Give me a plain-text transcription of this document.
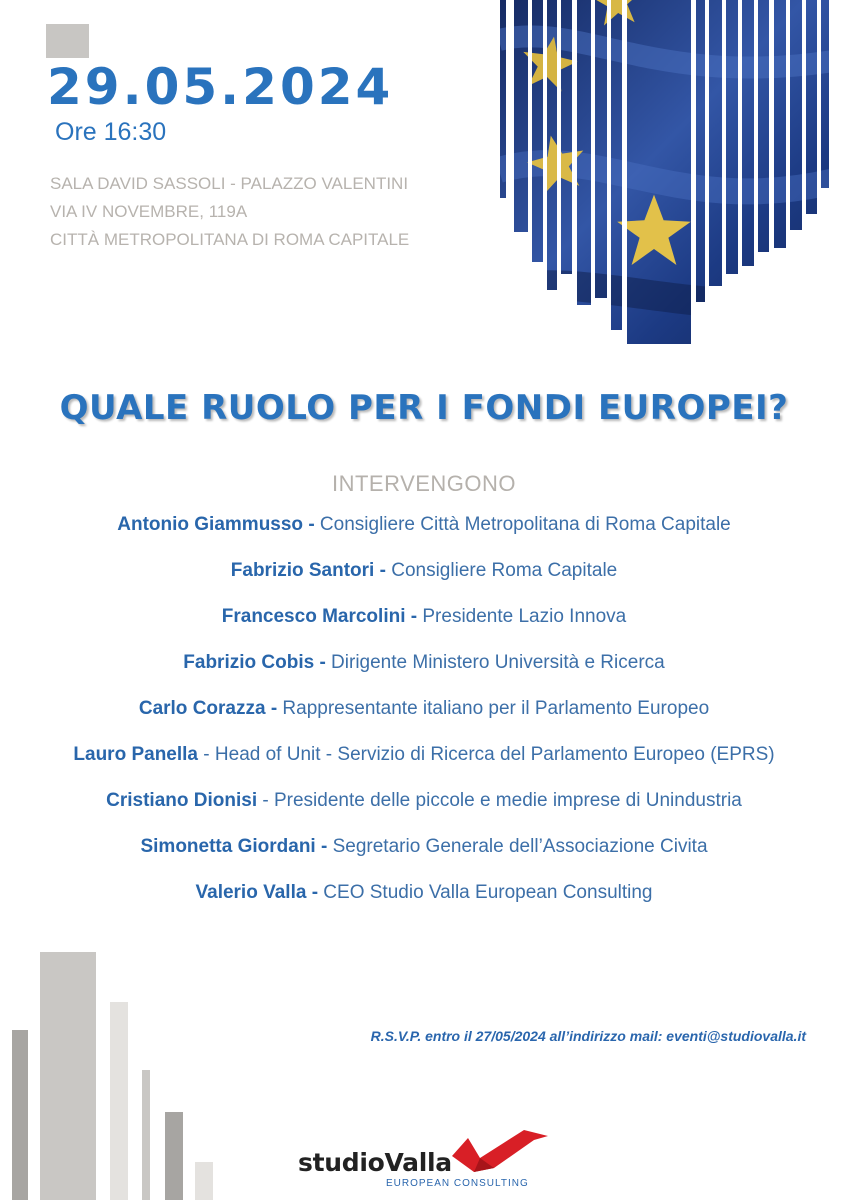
29.05.2024
Ore 16:30
SALA DAVID SASSOLI - PALAZZO VALENTINI
VIA IV NOVEMBRE, 119A
CITTÀ METROPOLITANA DI ROMA CAPITALE
QUALE RUOLO PER I FONDI EUROPEI?
INTERVENGONO
Antonio Giammusso - Consigliere Città Metropolitana di Roma Capitale
Fabrizio Santori - Consigliere Roma Capitale
Francesco Marcolini - Presidente Lazio Innova
Fabrizio Cobis - Dirigente Ministero Università e Ricerca
Carlo Corazza - Rappresentante italiano per il Parlamento Europeo
Lauro Panella - Head of Unit - Servizio di Ricerca del Parlamento Europeo (EPRS)
Cristiano Dionisi - Presidente delle piccole e medie imprese di Unindustria
Simonetta Giordani - Segretario Generale dell’Associazione Civita
Valerio Valla - CEO Studio Valla European Consulting
R.S.V.P. entro il 27/05/2024 all’indirizzo mail: eventi@studiovalla.it
studioValla
EUROPEAN CONSULTING
